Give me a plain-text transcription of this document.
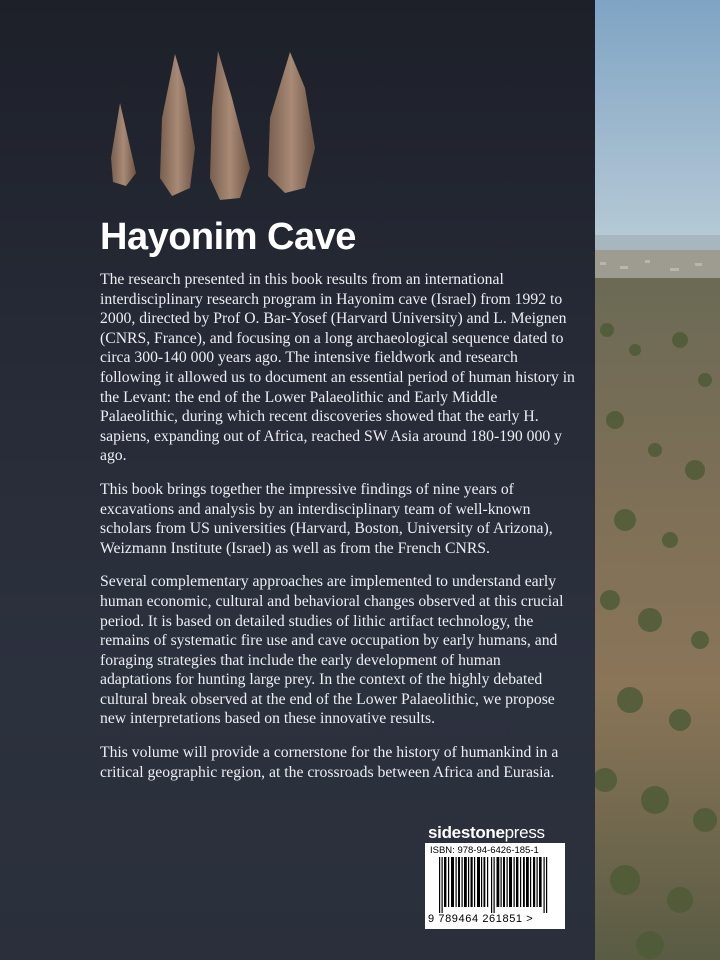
Hayonim Cave

The research presented in this book results from an international interdisciplinary research program in Hayonim cave (Israel) from 1992 to 2000, directed by Prof O. Bar-Yosef (Harvard University) and L. Meignen (CNRS, France), and focusing on a long archaeological sequence dated to circa 300-140 000 years ago. The intensive fieldwork and research following it allowed us to document an essential period of human history in the Levant: the end of the Lower Palaeolithic and Early Middle Palaeolithic, during which recent discoveries showed that the early H. sapiens, expanding out of Africa, reached SW Asia around 180-190 000 y ago.

This book brings together the impressive findings of nine years of excavations and analysis by an interdisciplinary team of well-known scholars from US universities (Harvard, Boston, University of Arizona), Weizmann Institute (Israel) as well as from the French CNRS.

Several complementary approaches are implemented to understand early human economic, cultural and behavioral changes observed at this crucial period. It is based on detailed studies of lithic artifact technology, the remains of systematic fire use and cave occupation by early humans, and foraging strategies that include the early development of human adaptations for hunting large prey. In the context of the highly debated cultural break observed at the end of the Lower Palaeolithic, we propose new interpretations based on these innovative results.

This volume will provide a cornerstone for the history of humankind in a critical geographic region, at the crossroads between Africa and Eurasia.

sidestonepress
ISBN: 978-94-6426-185-1
9 789464 261851 >
